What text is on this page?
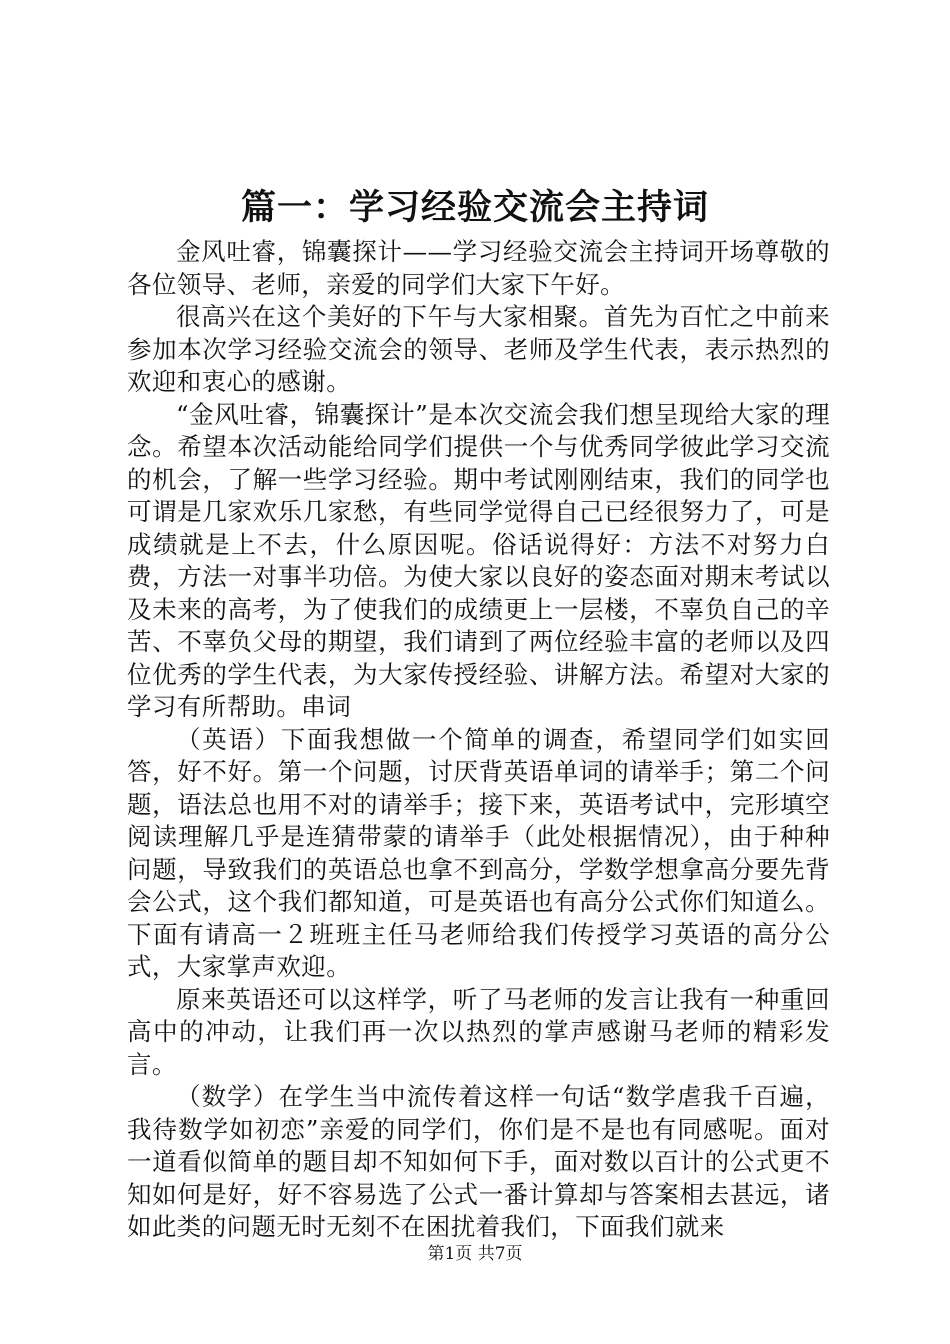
篇一：学习经验交流会主持词

金风吐睿，锦囊探计——学习经验交流会主持词开场尊敬的各位领导、老师，亲爱的同学们大家下午好。

很高兴在这个美好的下午与大家相聚。首先为百忙之中前来参加本次学习经验交流会的领导、老师及学生代表，表示热烈的欢迎和衷心的感谢。

“金风吐睿，锦囊探计”是本次交流会我们想呈现给大家的理念。希望本次活动能给同学们提供一个与优秀同学彼此学习交流的机会，了解一些学习经验。期中考试刚刚结束，我们的同学也可谓是几家欢乐几家愁，有些同学觉得自己已经很努力了，可是成绩就是上不去，什么原因呢。俗话说得好：方法不对努力白费，方法一对事半功倍。为使大家以良好的姿态面对期末考试以及未来的高考，为了使我们的成绩更上一层楼，不辜负自己的辛苦、不辜负父母的期望，我们请到了两位经验丰富的老师以及四位优秀的学生代表，为大家传授经验、讲解方法。希望对大家的学习有所帮助。串词

（英语）下面我想做一个简单的调查，希望同学们如实回答，好不好。第一个问题，讨厌背英语单词的请举手；第二个问题，语法总也用不对的请举手；接下来，英语考试中，完形填空阅读理解几乎是连猜带蒙的请举手（此处根据情况），由于种种问题，导致我们的英语总也拿不到高分，学数学想拿高分要先背会公式，这个我们都知道，可是英语也有高分公式你们知道么。下面有请高一２班班主任马老师给我们传授学习英语的高分公式，大家掌声欢迎。

原来英语还可以这样学，听了马老师的发言让我有一种重回高中的冲动，让我们再一次以热烈的掌声感谢马老师的精彩发言。

（数学）在学生当中流传着这样一句话“数学虐我千百遍，我待数学如初恋”亲爱的同学们，你们是不是也有同感呢。面对一道看似简单的题目却不知如何下手，面对数以百计的公式更不知如何是好，好不容易选了公式一番计算却与答案相去甚远，诸如此类的问题无时无刻不在困扰着我们，下面我们就来

第1页 共7页
